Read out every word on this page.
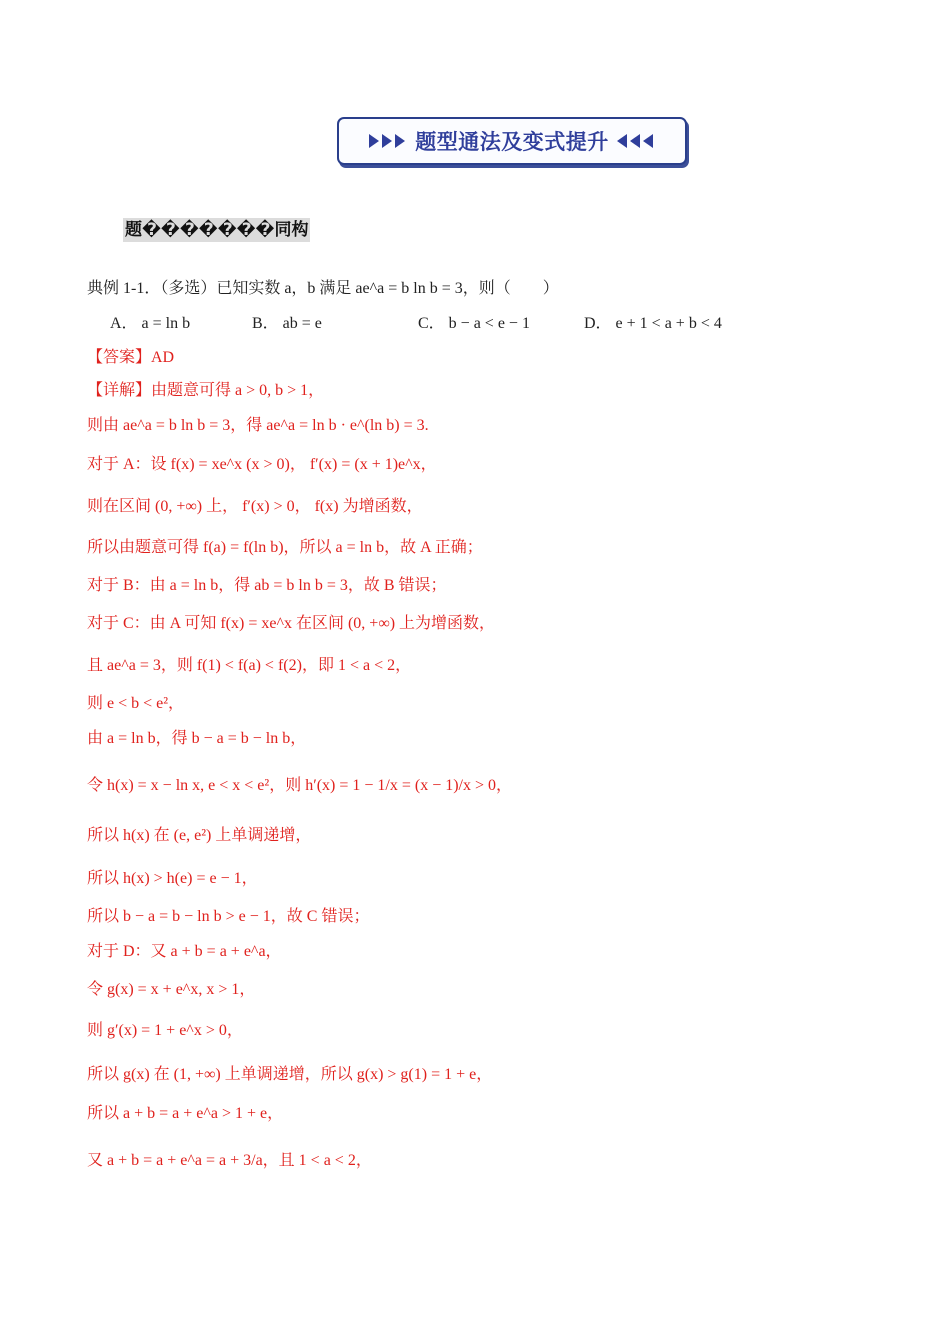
题型通法及变式提升
题�������同构
典例 1-1．（多选）已知实数 a，b 满足 ae^a = b ln b = 3，则（　　）
A． a = ln b	B． ab = e	C． b − a < e − 1	D． e + 1 < a + b < 4
【答案】AD
【详解】由题意可得 a > 0, b > 1，
则由 ae^a = b ln b = 3，得 ae^a = ln b · e^(ln b) = 3.
对于 A：设 f(x) = xe^x (x > 0)， f′(x) = (x + 1)e^x，
则在区间 (0, +∞) 上， f′(x) > 0， f(x) 为增函数，
所以由题意可得 f(a) = f(ln b)，所以 a = ln b，故 A 正确；
对于 B：由 a = ln b，得 ab = b ln b = 3，故 B 错误；
对于 C：由 A 可知 f(x) = xe^x 在区间 (0, +∞) 上为增函数，
且 ae^a = 3，则 f(1) < f(a) < f(2)，即 1 < a < 2，
则 e < b < e²，
由 a = ln b，得 b − a = b − ln b，
令 h(x) = x − ln x, e < x < e²，则 h′(x) = 1 − 1/x = (x − 1)/x > 0，
所以 h(x) 在 (e, e²) 上单调递增，
所以 h(x) > h(e) = e − 1，
所以 b − a = b − ln b > e − 1，故 C 错误；
对于 D：又 a + b = a + e^a，
令 g(x) = x + e^x, x > 1，
则 g′(x) = 1 + e^x > 0，
所以 g(x) 在 (1, +∞) 上单调递增，所以 g(x) > g(1) = 1 + e，
所以 a + b = a + e^a > 1 + e，
又 a + b = a + e^a = a + 3/a，且 1 < a < 2，
